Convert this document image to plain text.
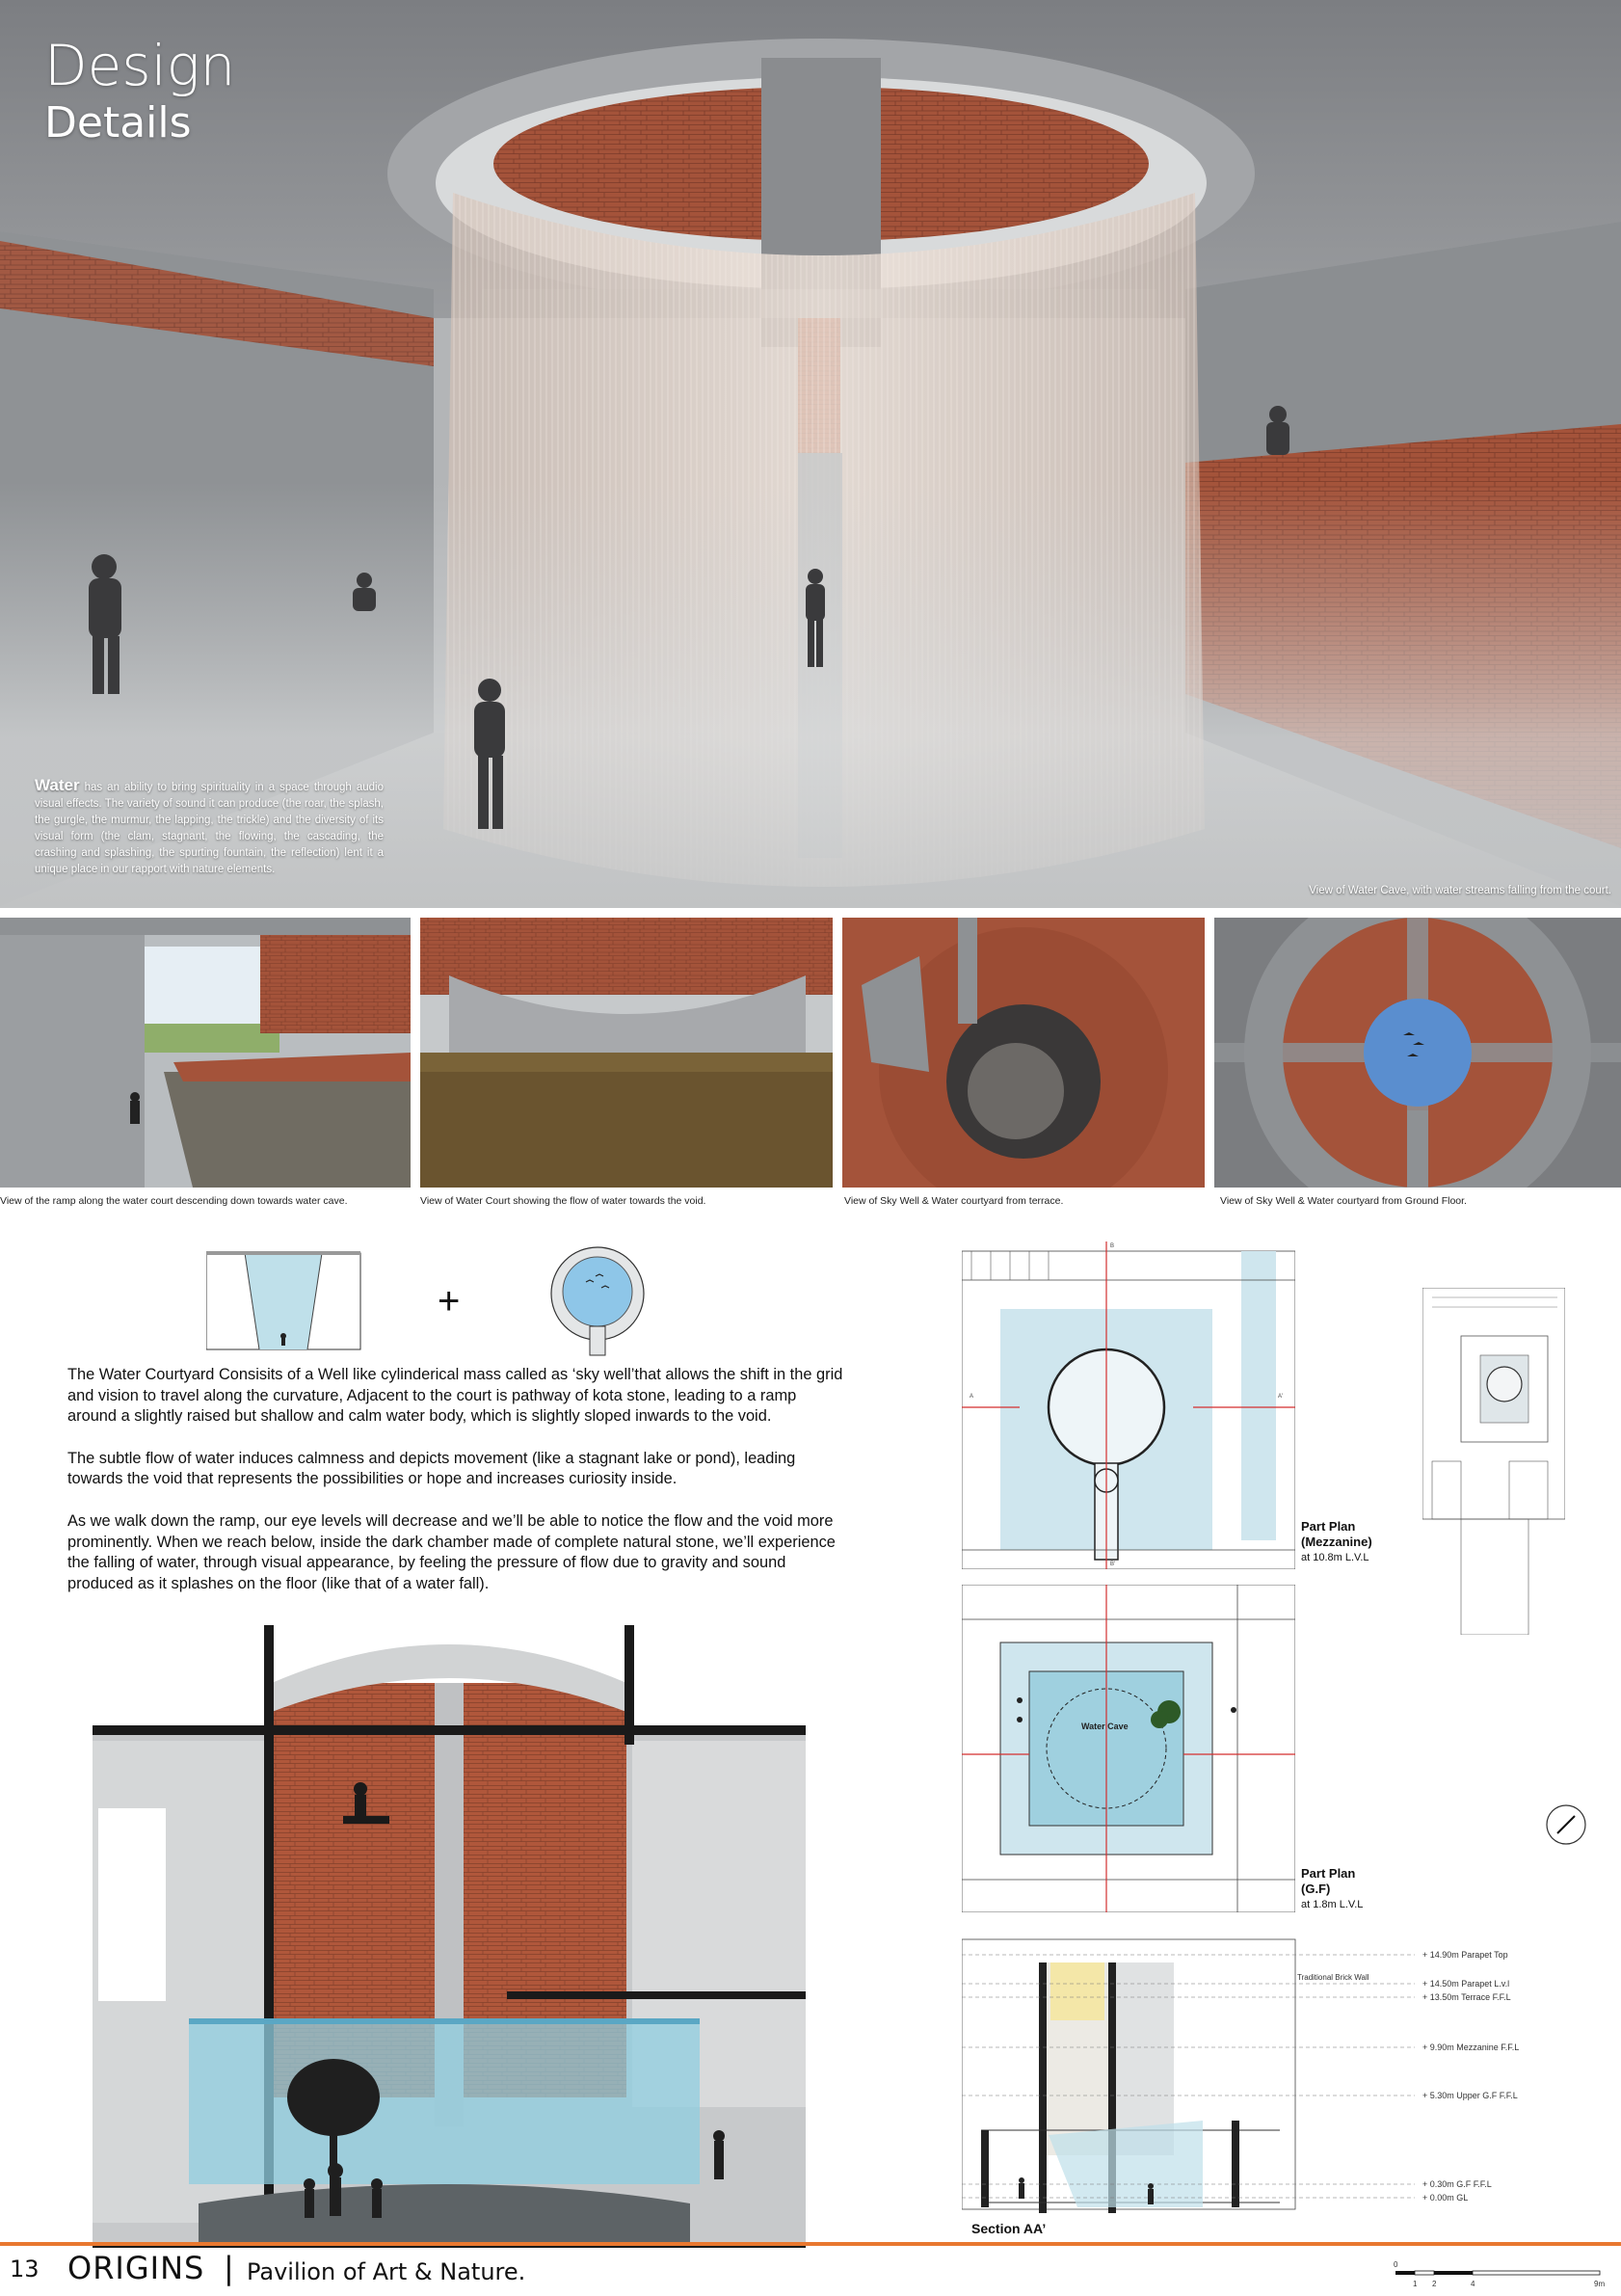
Design
Details
Water has an ability to bring spirituality in a space through audio visual effects. The variety of sound it can produce (the roar, the splash, the gurgle, the murmur, the lapping, the trickle) and the diversity of its visual form (the clam, stagnant, the flowing, the cascading, the crashing and splashing, the spurting fountain, the reflection) lent it a unique place in our rapport with nature elements.
View of Water Cave, with water streams falling from the court.
View of the ramp along the water court descending down towards water cave.	View of Water Court showing the flow of water towards the void.	View of Sky Well & Water courtyard from terrace.	View of Sky Well & Water courtyard from Ground Floor.
+

The Water Courtyard Consisits of a Well like cylinderical mass called as ‘sky well’that allows the shift in the grid and vision to travel along the curvature, Adjacent to the court is pathway of kota stone, leading to a ramp around a slightly raised but shallow and calm water body, which is slightly sloped inwards to the void.

The subtle flow of water induces calmness and depicts movement (like a stagnant lake or pond), leading towards the void that represents the possibilities or hope and increases curiosity inside.

As we walk down the ramp, our eye levels will decrease and we’ll be able to notice the flow and the void more prominently. When we reach below, inside the dark chamber made of complete natural stone, we’ll experience the falling of water, through visual appearance, by feeling the pressure of flow due to gravity and sound produced as it splashes on the floor (like that of a water fall).

A	A'
B
B'
Part Plan
(Mezzanine)
at 10.8m L.V.L
Water Cave
Part Plan
(G.F)
at 1.8m L.V.L
Traditional Brick Wall
+ 14.90m Parapet Top
+ 14.50m Parapet L.v.l
+ 13.50m Terrace F.F.L
+ 9.90m Mezzanine F.F.L
+ 5.30m Upper G.F F.F.L
+ 0.30m G.F F.F.L
+ 0.00m GL
Section AA’
13 ORIGINS | Pavilion of Art & Nature.	0
1 2	4	9m
